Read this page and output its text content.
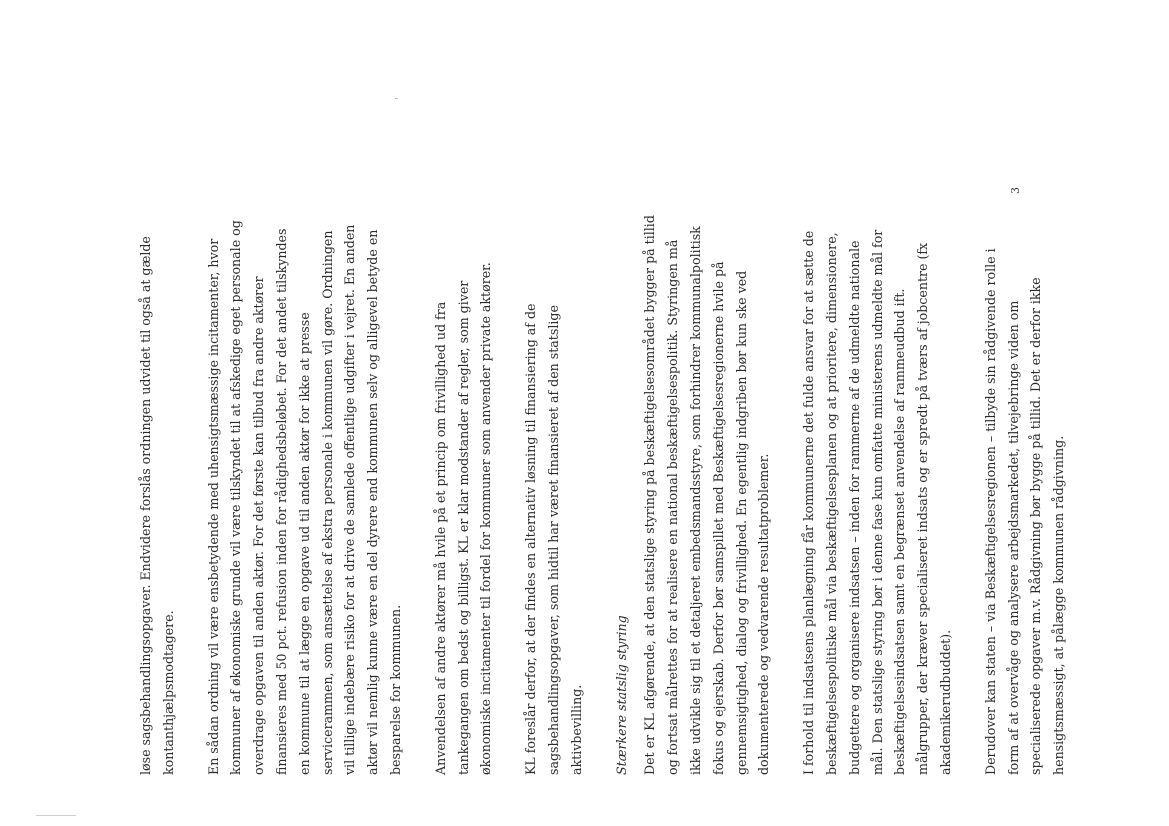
3

løse sagsbehandlingsopgaver. Endvidere forslås ordningen udvidet til også at gælde kontanthjælpsmodtagere.	En sådan ordning vil være ensbetydende med uhensigtsmæssige incitamenter, hvor kommuner af økonomiske grunde vil være tilskyndet til at afskedige eget personale og overdrage opgaven til anden aktør. For det første kan tilbud fra andre aktører finansieres med 50 pct. refusion inden for rådighedsbeløbet. For det andet tilskyndes en kommune til at lægge en opgave ud til anden aktør for ikke at presse servicerammen, som ansættelse af ekstra personale i kommunen vil gøre. Ordningen vil tillige indebære risiko for at drive de samlede offentlige udgifter i vejret. En anden aktør vil nemlig kunne være en del dyrere end kommunen selv og alligevel betyde en besparelse for kommunen.	Anvendelsen af andre aktører må hvile på et princip om frivillighed ud fra tankegangen om bedst og billigst. KL er klar modstander af regler, som giver økonomiske incitamenter til fordel for kommuner som anvender private aktører.	KL foreslår derfor, at der findes en alternativ løsning til finansiering af de sagsbehandlingsopgaver, som hidtil har været finansieret af den statslige aktivbevilling.	Stærkere statslig styring	Det er KL afgørende, at den statslige styring på beskæftigelsesområdet bygger på tillid og fortsat målrettes for at realisere en national beskæftigelsespolitik. Styringen må ikke udvikle sig til et detaljeret embedsmandsstyre, som forhindrer kommunalpolitisk fokus og ejerskab. Derfor bør samspillet med Beskæftigelsesregionerne hvile på gennemsigtighed, dialog og frivillighed. En egentlig indgriben bør kun ske ved dokumenterede og vedvarende resultatproblemer.	I forhold til indsatsens planlægning får kommunerne det fulde ansvar for at sætte de beskæftigelsespolitiske mål via beskæftigelsesplanen og at prioritere, dimensionere, budgettere og organisere indsatsen – inden for rammerne af de udmeldte nationale mål. Den statslige styring bør i denne fase kun omfatte ministerens udmeldte mål for beskæftigelsesindsatsen samt en begrænset anvendelse af rammeudbud ift. målgrupper, der kræver specialiseret indsats og er spredt på tværs af jobcentre (fx akademikerudbuddet).	Derudover kan staten – via Beskæftigelsesregionen – tilbyde sin rådgivende rolle i form af at overvåge og analysere arbejdsmarkedet, tilvejebringe viden om specialiserede opgaver m.v. Rådgivning bør bygge på tillid. Det er derfor ikke hensigtsmæssigt, at pålægge kommunen rådgivning.
